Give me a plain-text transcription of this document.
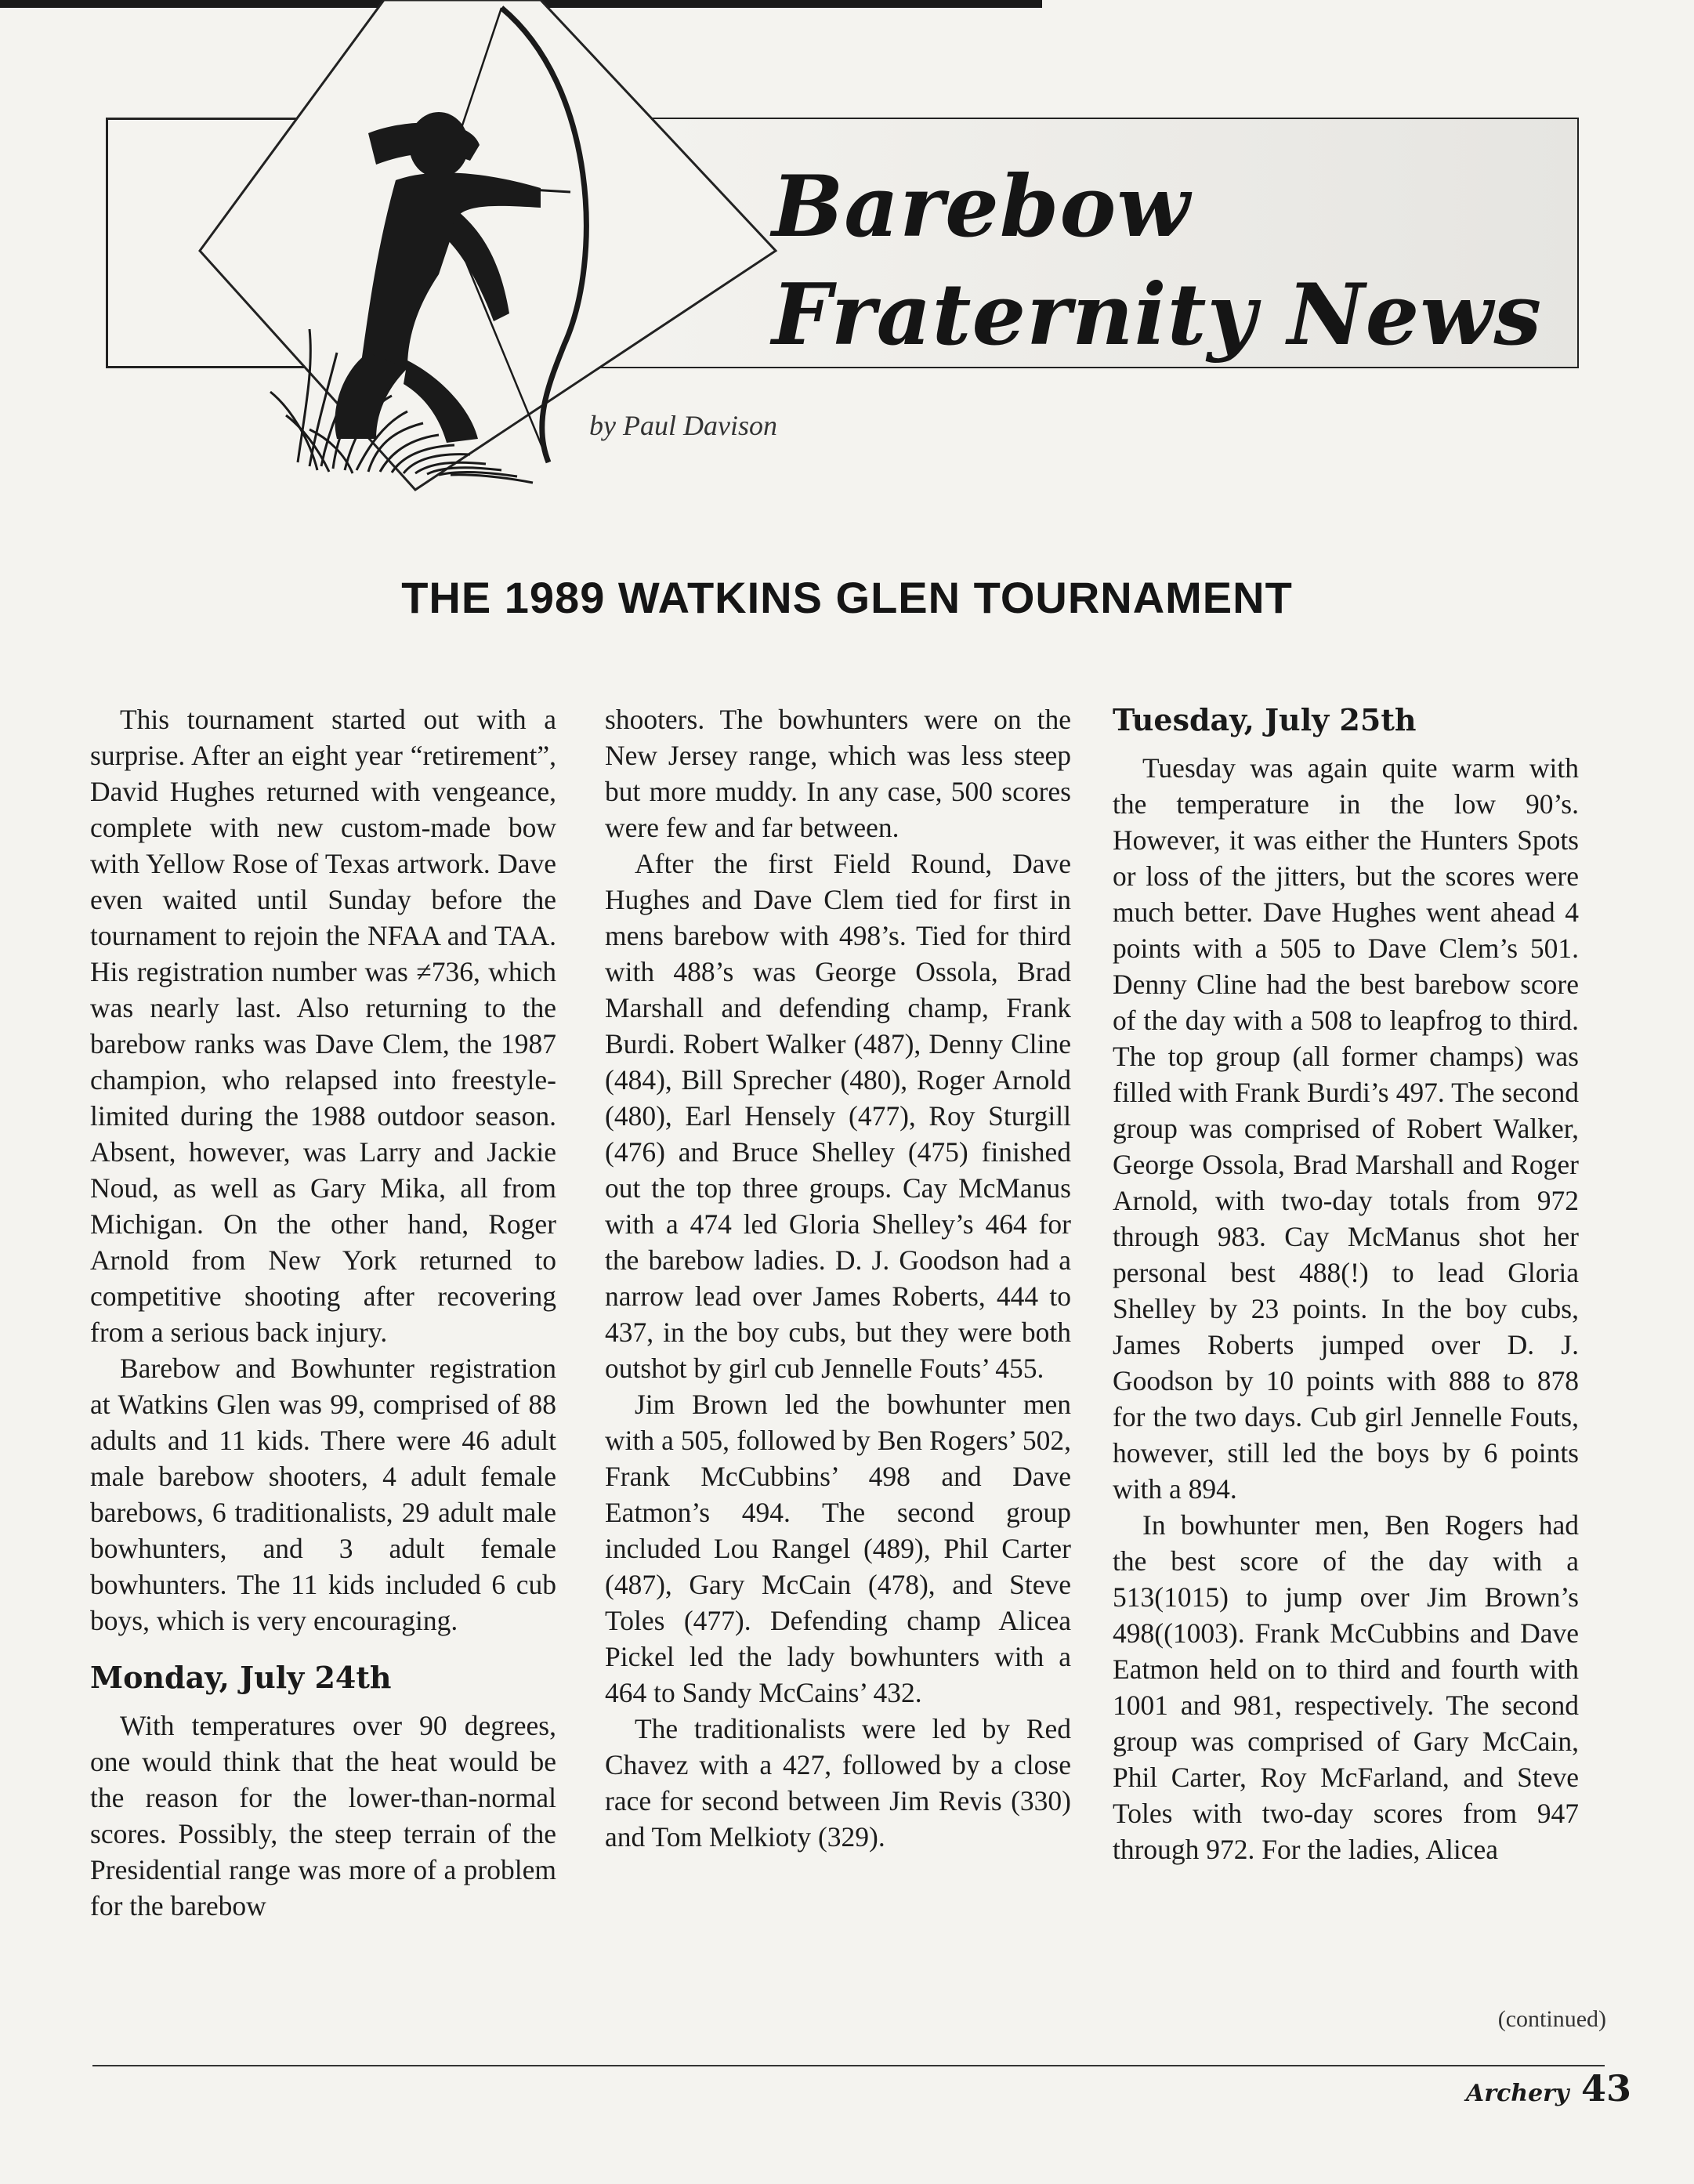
Barebow
Fraternity News
by Paul Davison
THE 1989 WATKINS GLEN TOURNAMENT

This tournament started out with a surprise. After an eight year “retirement”, David Hughes returned with vengeance, complete with new custom-made bow with Yellow Rose of Texas artwork. Dave even waited until Sunday before the tournament to rejoin the NFAA and TAA. His registration number was ≠736, which was nearly last. Also returning to the barebow ranks was Dave Clem, the 1987 champion, who relapsed into freestyle-limited during the 1988 outdoor season. Absent, however, was Larry and Jackie Noud, as well as Gary Mika, all from Michigan. On the other hand, Roger Arnold from New York returned to competitive shooting after recovering from a serious back injury.

Barebow and Bowhunter registration at Watkins Glen was 99, comprised of 88 adults and 11 kids. There were 46 adult male barebow shooters, 4 adult female barebows, 6 traditionalists, 29 adult male bowhunters, and 3 adult female bowhunters. The 11 kids included 6 cub boys, which is very encouraging.

Monday, July 24th

With temperatures over 90 degrees, one would think that the heat would be the reason for the lower-than-normal scores. Possibly, the steep terrain of the Presidential range was more of a problem for the barebow

shooters. The bowhunters were on the New Jersey range, which was less steep but more muddy. In any case, 500 scores were few and far between.

After the first Field Round, Dave Hughes and Dave Clem tied for first in mens barebow with 498’s. Tied for third with 488’s was George Ossola, Brad Marshall and defending champ, Frank Burdi. Robert Walker (487), Denny Cline (484), Bill Sprecher (480), Roger Arnold (480), Earl Hensely (477), Roy Sturgill (476) and Bruce Shelley (475) finished out the top three groups. Cay McManus with a 474 led Gloria Shelley’s 464 for the barebow ladies. D. J. Goodson had a narrow lead over James Roberts, 444 to 437, in the boy cubs, but they were both outshot by girl cub Jennelle Fouts’ 455.

Jim Brown led the bowhunter men with a 505, followed by Ben Rogers’ 502, Frank McCubbins’ 498 and Dave Eatmon’s 494. The second group included Lou Rangel (489), Phil Carter (487), Gary McCain (478), and Steve Toles (477). Defending champ Alicea Pickel led the lady bowhunters with a 464 to Sandy McCains’ 432.

The traditionalists were led by Red Chavez with a 427, followed by a close race for second between Jim Revis (330) and Tom Melkioty (329).

Tuesday, July 25th

Tuesday was again quite warm with the temperature in the low 90’s. However, it was either the Hunters Spots or loss of the jitters, but the scores were much better. Dave Hughes went ahead 4 points with a 505 to Dave Clem’s 501. Denny Cline had the best barebow score of the day with a 508 to leapfrog to third. The top group (all former champs) was filled with Frank Burdi’s 497. The second group was comprised of Robert Walker, George Ossola, Brad Marshall and Roger Arnold, with two-day totals from 972 through 983. Cay McManus shot her personal best 488(!) to lead Gloria Shelley by 23 points. In the boy cubs, James Roberts jumped over D. J. Goodson by 10 points with 888 to 878 for the two days. Cub girl Jennelle Fouts, however, still led the boys by 6 points with a 894.

In bowhunter men, Ben Rogers had the best score of the day with a 513(1015) to jump over Jim Brown’s 498((1003). Frank McCubbins and Dave Eatmon held on to third and fourth with 1001 and 981, respectively. The second group was comprised of Gary McCain, Phil Carter, Roy McFarland, and Steve Toles with two-day scores from 947 through 972. For the ladies, Alicea

(continued)
Archery 43
